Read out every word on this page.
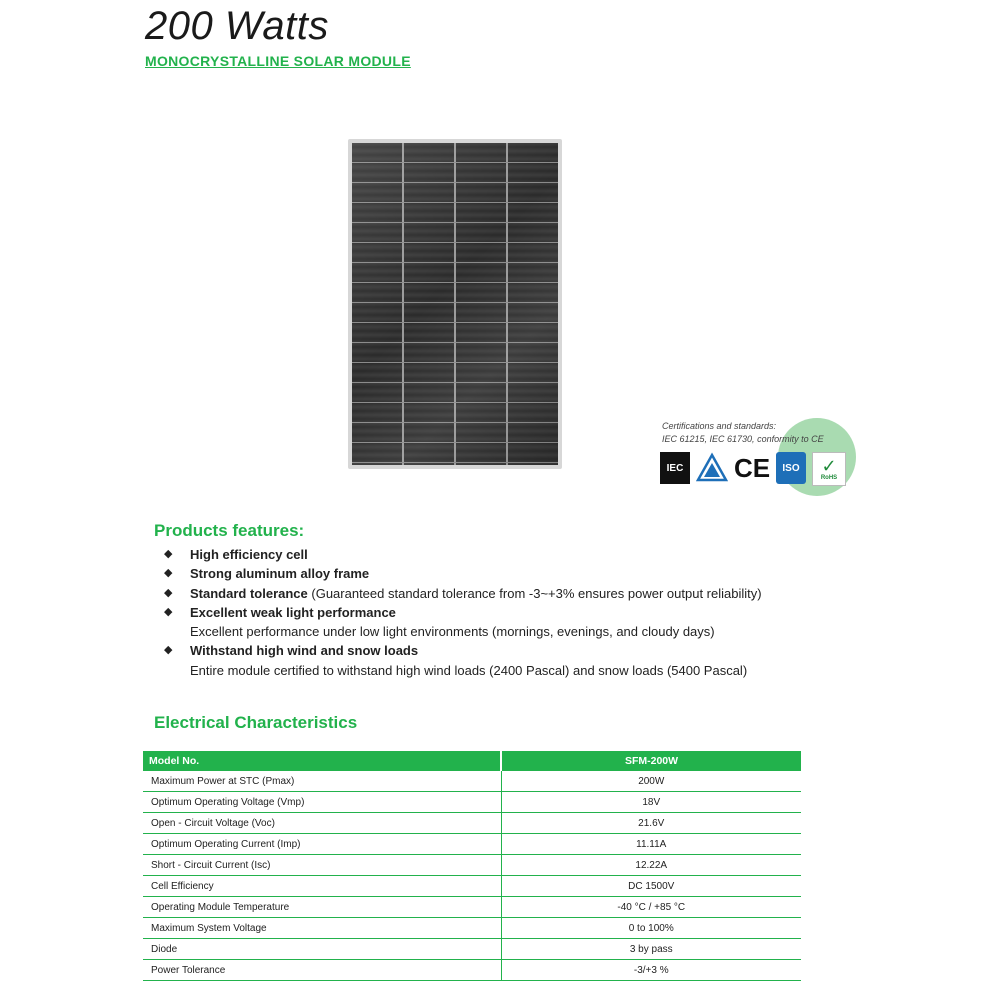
200 Watts
MONOCRYSTALLINE SOLAR MODULE
Certifications and standards:
IEC 61215, IEC 61730, conformity to CE
IEC CE	ISO	✓
RoHS
Products features:
◆ High efficiency cell
◆ Strong aluminum alloy frame
◆ Standard tolerance (Guaranteed standard tolerance from -3~+3% ensures power output reliability)
◆ Excellent weak light performance
Excellent performance under low light environments (mornings, evenings, and cloudy days)
◆ Withstand high wind and snow loads
Entire module certified to withstand high wind loads (2400 Pascal) and snow loads (5400 Pascal)
Electrical Characteristics
Model No.	SFM-200W
Maximum Power at STC (Pmax)	200W
Optimum Operating Voltage (Vmp)	18V
Open - Circuit Voltage (Voc)	21.6V
Optimum Operating Current (Imp)	11.11A
Short - Circuit Current (Isc)	12.22A
Cell Efficiency	DC 1500V
Operating Module Temperature	-40 °C / +85 °C
Maximum System Voltage	0 to 100%
Diode	3 by pass
Power Tolerance	-3/+3 %
